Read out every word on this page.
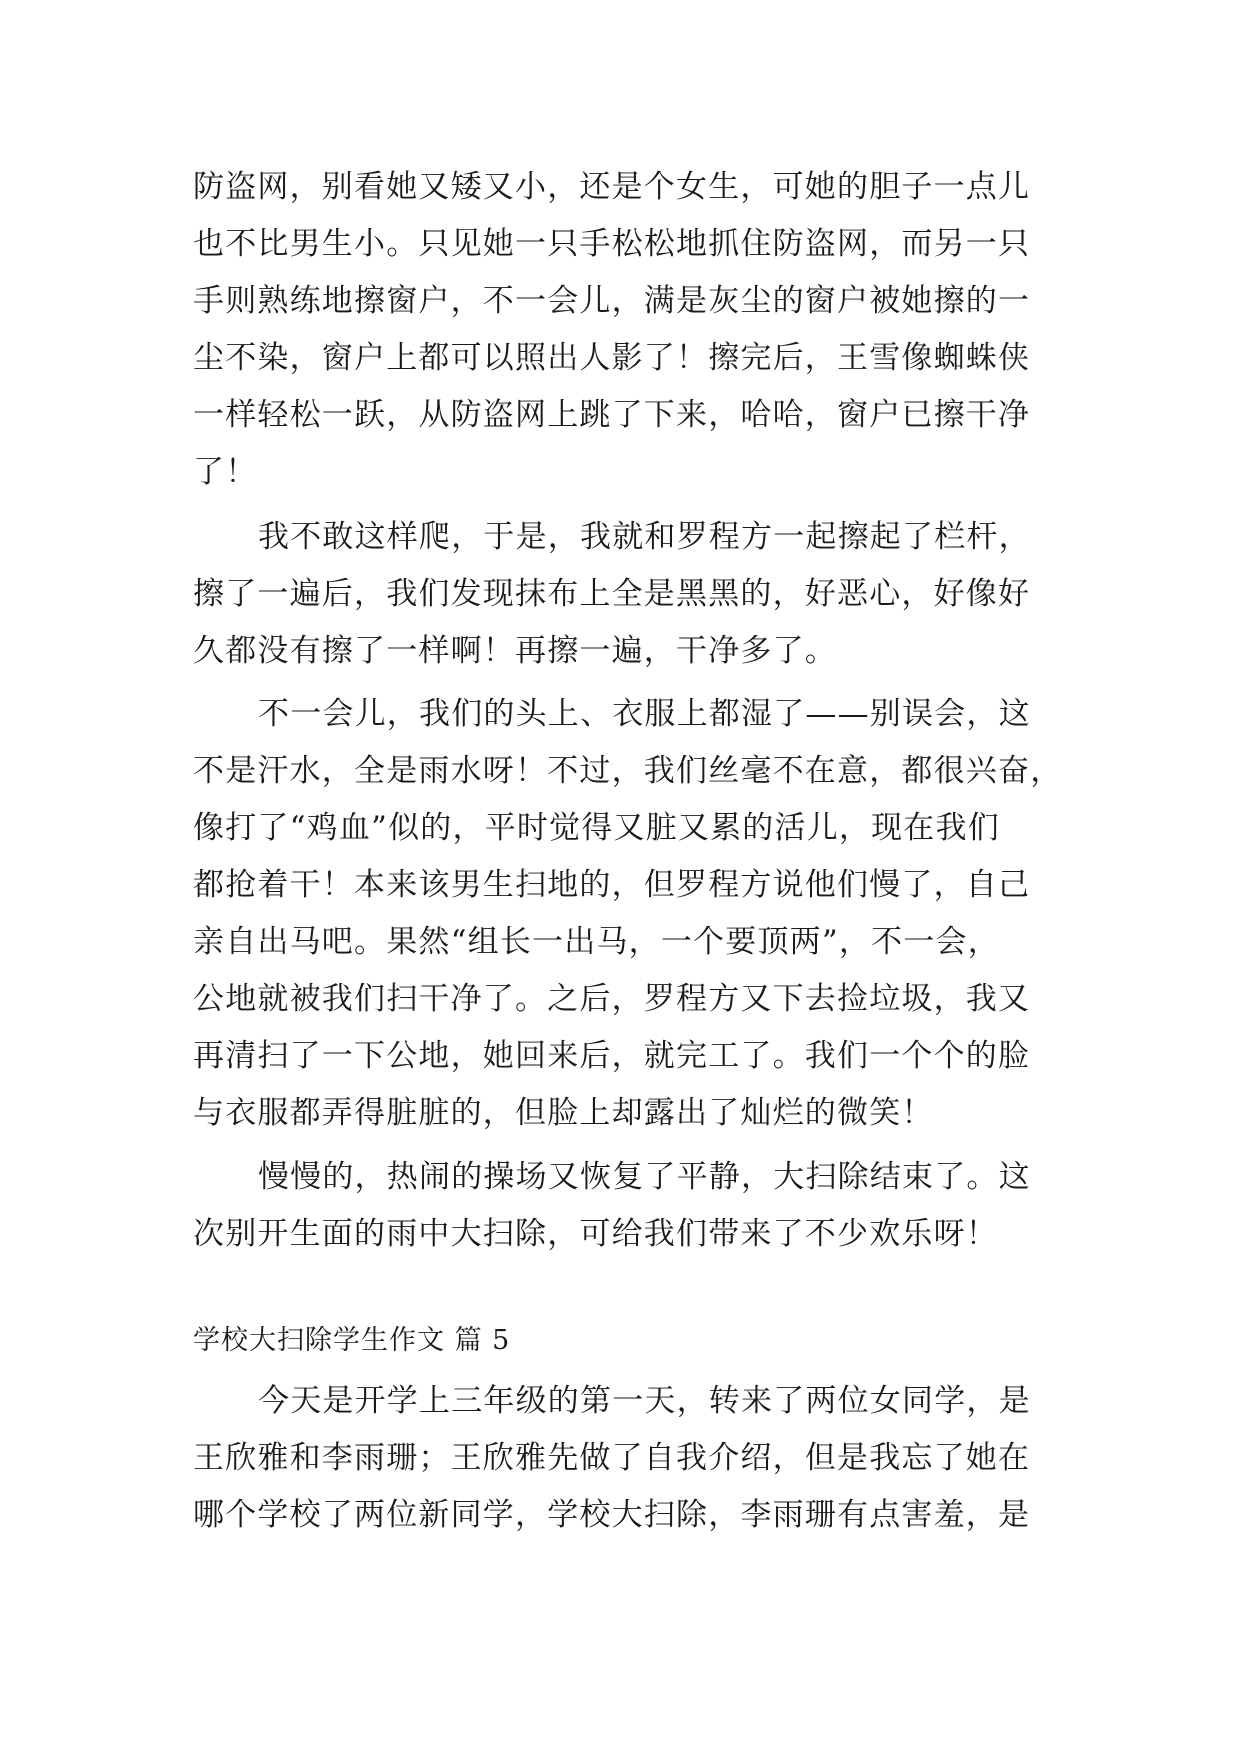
防盗网，别看她又矮又小，还是个女生，可她的胆子一点儿
也不比男生小。只见她一只手松松地抓住防盗网，而另一只
手则熟练地擦窗户，不一会儿，满是灰尘的窗户被她擦的一
尘不染，窗户上都可以照出人影了！擦完后，王雪像蜘蛛侠
一样轻松一跃，从防盗网上跳了下来，哈哈，窗户已擦干净
了！
我不敢这样爬，于是，我就和罗程方一起擦起了栏杆，
擦了一遍后，我们发现抹布上全是黑黑的，好恶心，好像好
久都没有擦了一样啊！再擦一遍，干净多了。
不一会儿，我们的头上、衣服上都湿了——别误会，这
不是汗水，全是雨水呀！不过，我们丝毫不在意，都很兴奋，
像打了“鸡血”似的，平时觉得又脏又累的活儿，现在我们
都抢着干！本来该男生扫地的，但罗程方说他们慢了，自己
亲自出马吧。果然“组长一出马，一个要顶两”，不一会，
公地就被我们扫干净了。之后，罗程方又下去捡垃圾，我又
再清扫了一下公地，她回来后，就完工了。我们一个个的脸
与衣服都弄得脏脏的，但脸上却露出了灿烂的微笑！
慢慢的，热闹的操场又恢复了平静，大扫除结束了。这
次别开生面的雨中大扫除，可给我们带来了不少欢乐呀！
学校大扫除学生作文 篇 5
今天是开学上三年级的第一天，转来了两位女同学，是
王欣雅和李雨珊；王欣雅先做了自我介绍，但是我忘了她在
哪个学校了两位新同学，学校大扫除，李雨珊有点害羞，是
